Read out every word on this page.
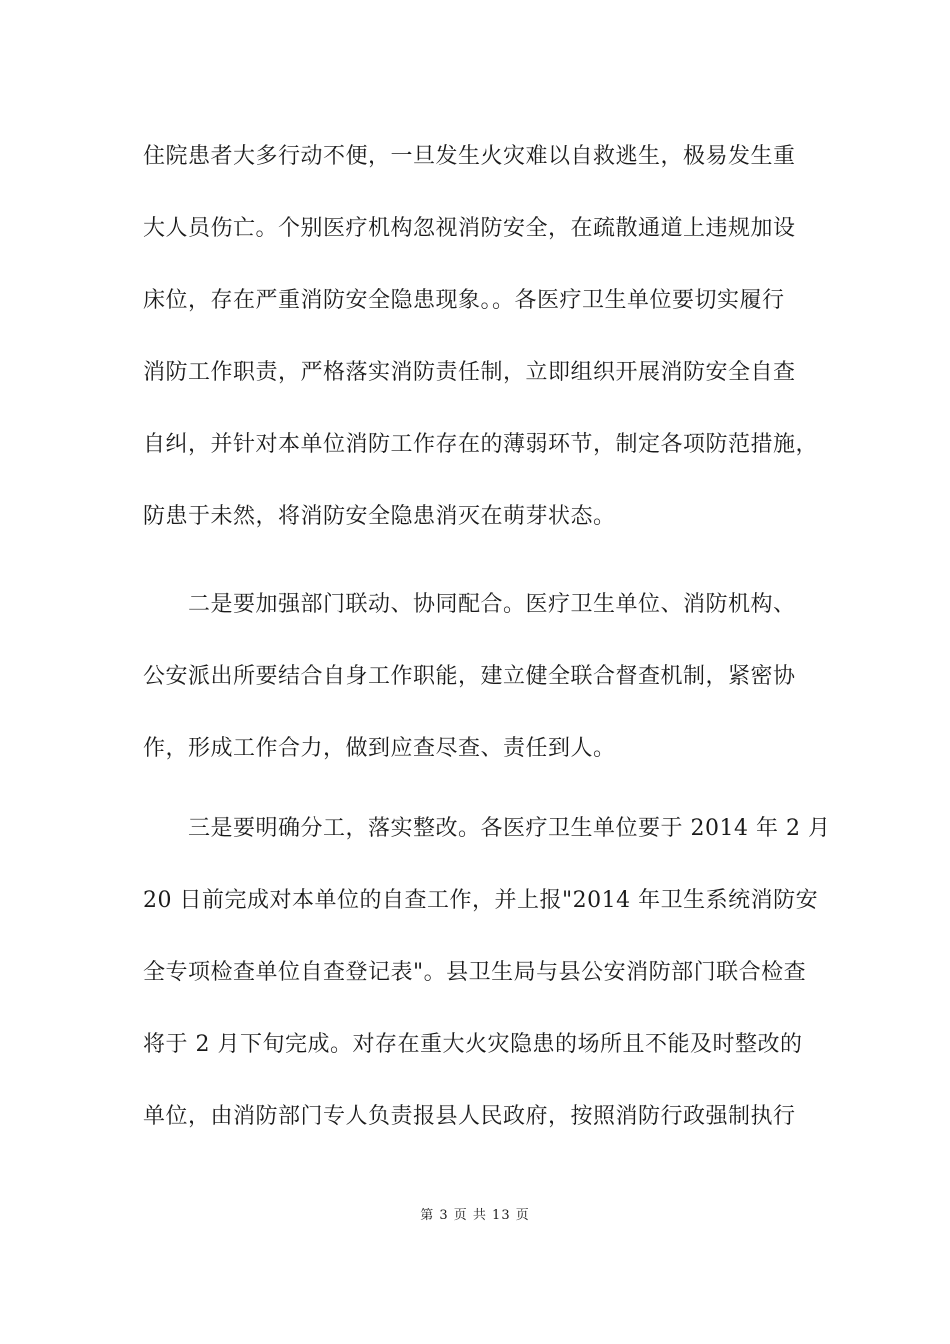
住院患者大多行动不便，一旦发生火灾难以自救逃生，极易发生重
大人员伤亡。个别医疗机构忽视消防安全，在疏散通道上违规加设
床位，存在严重消防安全隐患现象。。各医疗卫生单位要切实履行
消防工作职责，严格落实消防责任制，立即组织开展消防安全自查
自纠，并针对本单位消防工作存在的薄弱环节，制定各项防范措施，
防患于未然，将消防安全隐患消灭在萌芽状态。
二是要加强部门联动、协同配合。医疗卫生单位、消防机构、
公安派出所要结合自身工作职能，建立健全联合督查机制，紧密协
作，形成工作合力，做到应查尽查、责任到人。
三是要明确分工，落实整改。各医疗卫生单位要于 2014 年 2 月
20 日前完成对本单位的自查工作，并上报"2014 年卫生系统消防安
全专项检查单位自查登记表"。县卫生局与县公安消防部门联合检查
将于 2 月下旬完成。对存在重大火灾隐患的场所且不能及时整改的
单位，由消防部门专人负责报县人民政府，按照消防行政强制执行
第 3 页 共 13 页
